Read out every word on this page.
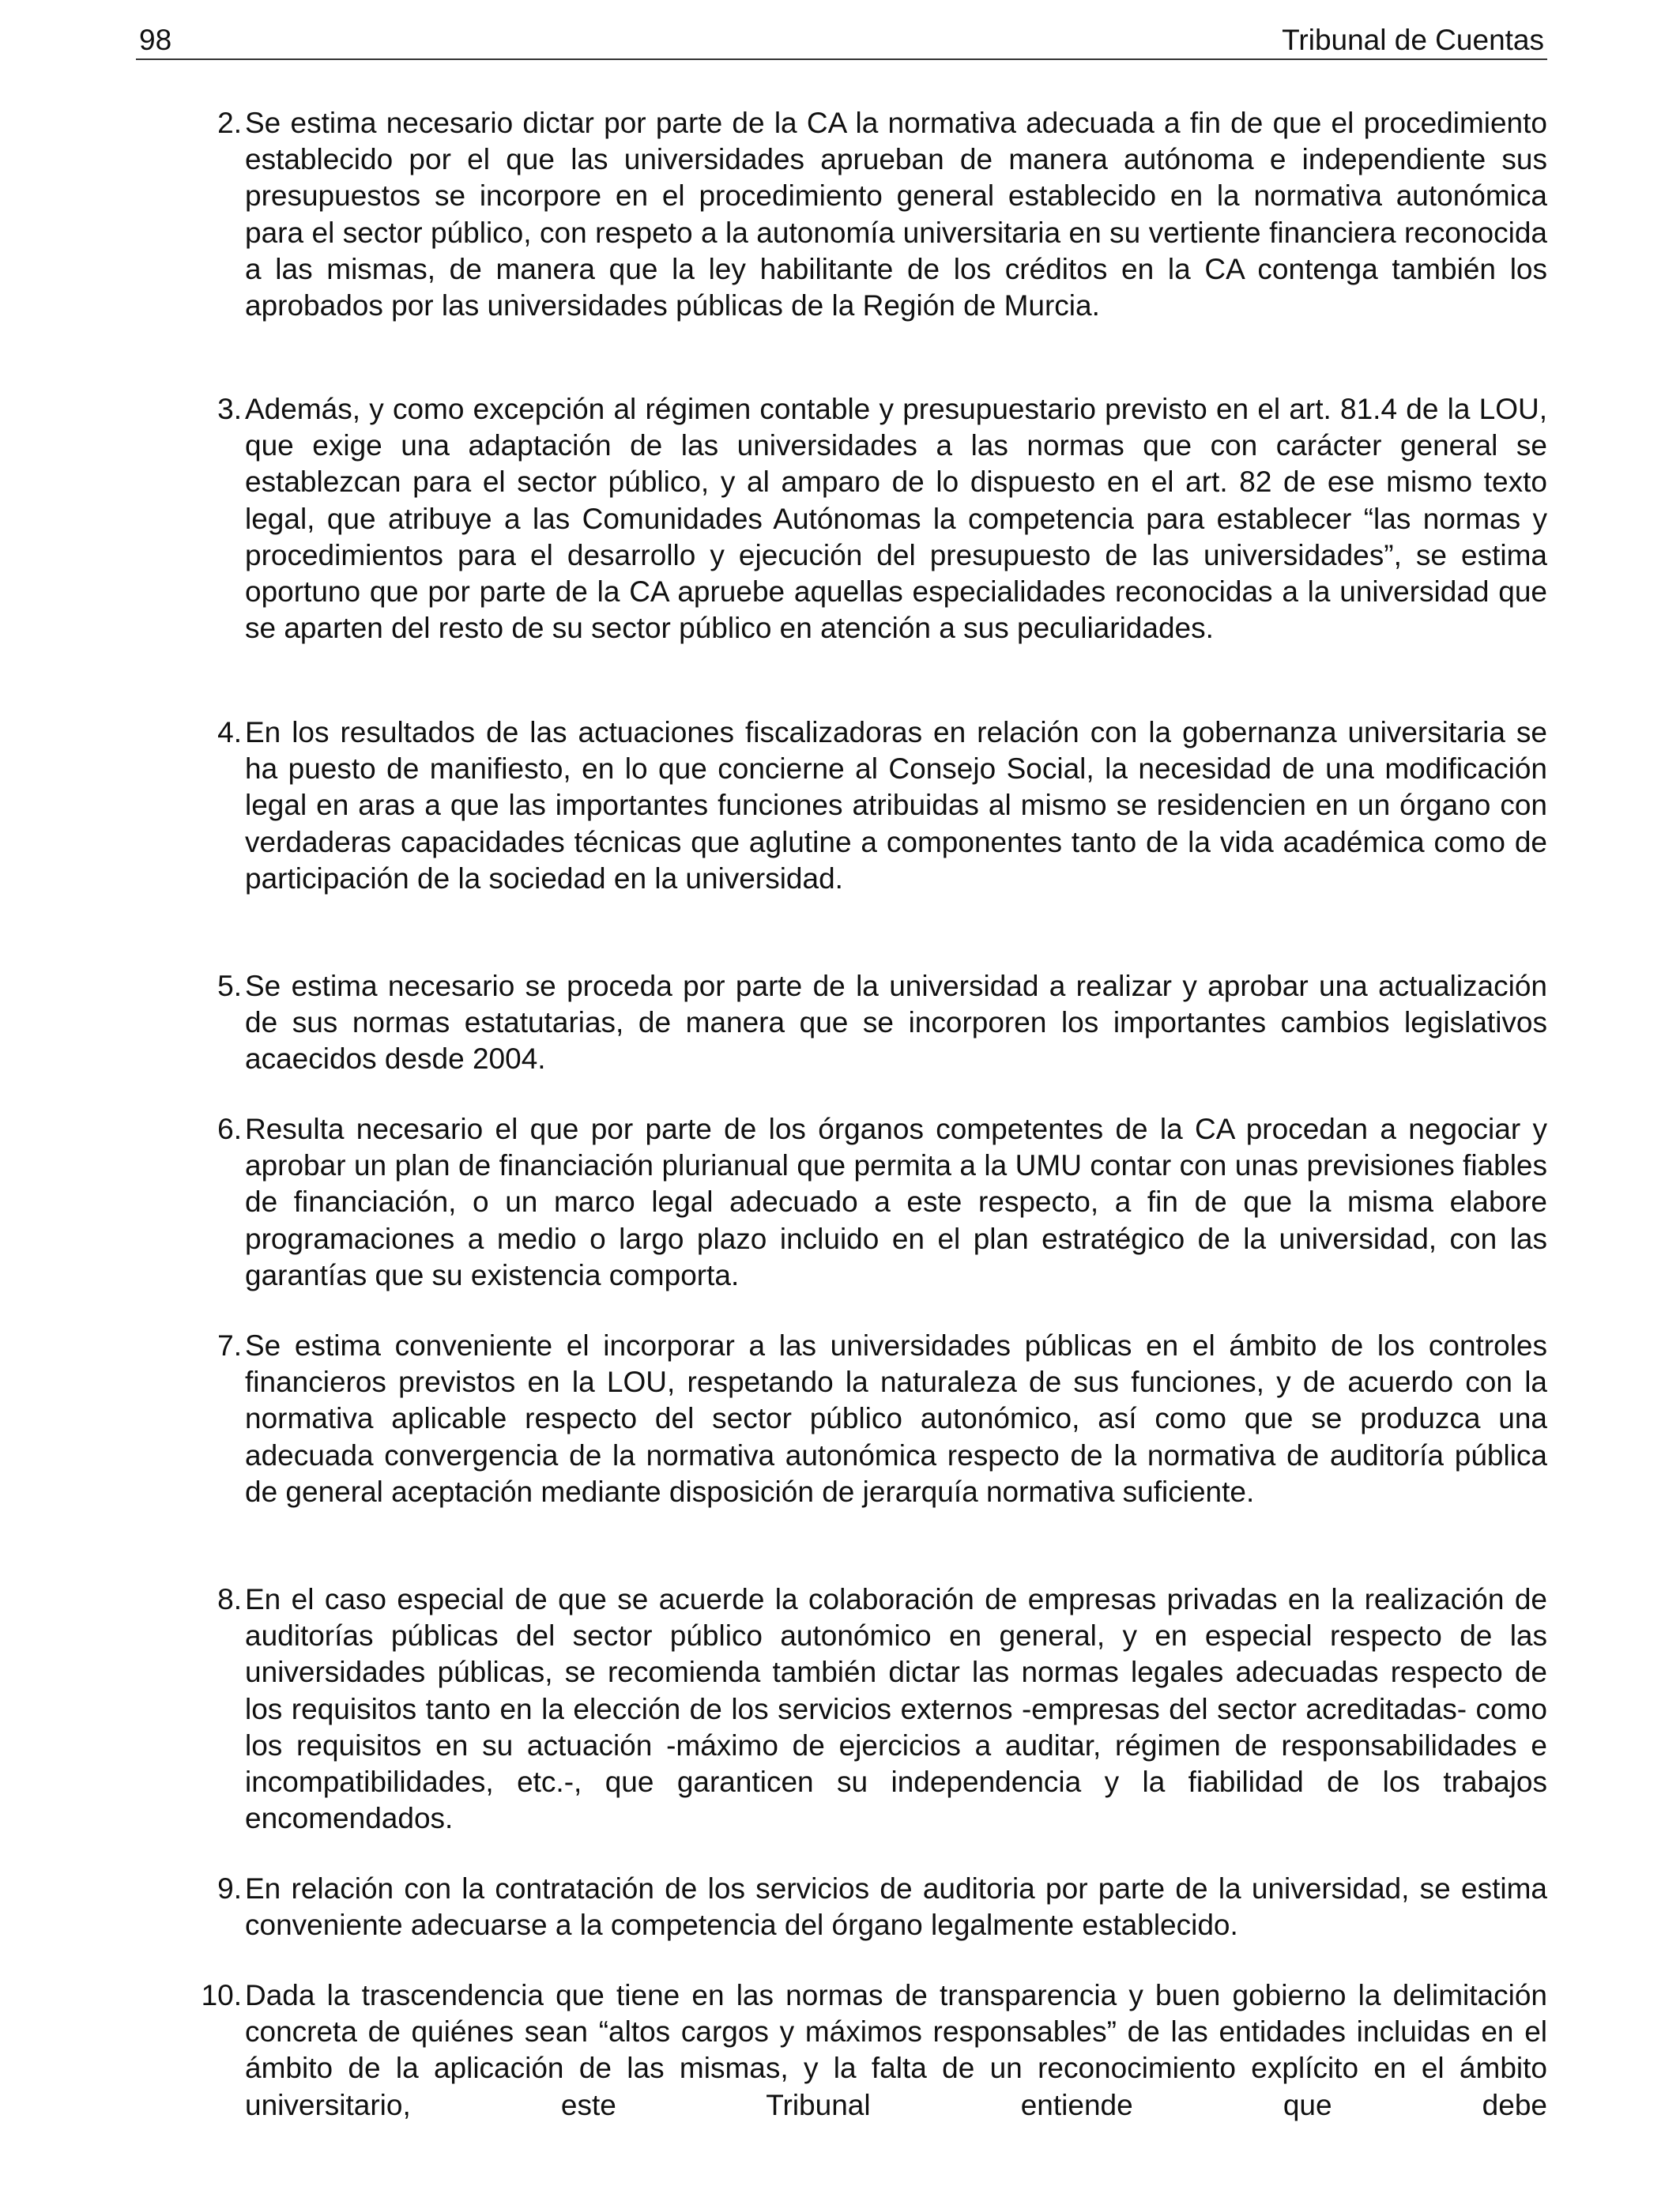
98	Tribunal de Cuentas
2. Se estima necesario dictar por parte de la CA la normativa adecuada a fin de que el procedimiento establecido por el que las universidades aprueban de manera autónoma e independiente sus presupuestos se incorpore en el procedimiento general establecido en la normativa autonómica para el sector público, con respeto a la autonomía universitaria en su vertiente financiera reconocida a las mismas, de manera que la ley habilitante de los créditos en la CA contenga también los aprobados por las universidades públicas de la Región de Murcia.
3. Además, y como excepción al régimen contable y presupuestario previsto en el art. 81.4 de la LOU, que exige una adaptación de las universidades a las normas que con carácter general se establezcan para el sector público, y al amparo de lo dispuesto en el art. 82 de ese mismo texto legal, que atribuye a las Comunidades Autónomas la competencia para establecer “las normas y procedimientos para el desarrollo y ejecución del presupuesto de las universidades”, se estima oportuno que por parte de la CA apruebe aquellas especialidades reconocidas a la universidad que se aparten del resto de su sector público en atención a sus peculiaridades.
4. En los resultados de las actuaciones fiscalizadoras en relación con la gobernanza universitaria se ha puesto de manifiesto, en lo que concierne al Consejo Social, la necesidad de una modificación legal en aras a que las importantes funciones atribuidas al mismo se residencien en un órgano con verdaderas capacidades técnicas que aglutine a componentes tanto de la vida académica como de participación de la sociedad en la universidad.
5. Se estima necesario se proceda por parte de la universidad a realizar y aprobar una actualización de sus normas estatutarias, de manera que se incorporen los importantes cambios legislativos acaecidos desde 2004.
6. Resulta necesario el que por parte de los órganos competentes de la CA procedan a negociar y aprobar un plan de financiación plurianual que permita a la UMU contar con unas previsiones fiables de financiación, o un marco legal adecuado a este respecto, a fin de que la misma elabore programaciones a medio o largo plazo incluido en el plan estratégico de la universidad, con las garantías que su existencia comporta.
7. Se estima conveniente el incorporar a las universidades públicas en el ámbito de los controles financieros previstos en la LOU, respetando la naturaleza de sus funciones, y de acuerdo con la normativa aplicable respecto del sector público autonómico, así como que se produzca una adecuada convergencia de la normativa autonómica respecto de la normativa de auditoría pública de general aceptación mediante disposición de jerarquía normativa suficiente.
8. En el caso especial de que se acuerde la colaboración de empresas privadas en la realización de auditorías públicas del sector público autonómico en general, y en especial respecto de las universidades públicas, se recomienda también dictar las normas legales adecuadas respecto de los requisitos tanto en la elección de los servicios externos -empresas del sector acreditadas- como los requisitos en su actuación -máximo de ejercicios a auditar, régimen de responsabilidades e incompatibilidades, etc.-, que garanticen su independencia y la fiabilidad de los trabajos encomendados.
9. En relación con la contratación de los servicios de auditoria por parte de la universidad, se estima conveniente adecuarse a la competencia del órgano legalmente establecido.
10. Dada la trascendencia que tiene en las normas de transparencia y buen gobierno la delimitación concreta de quiénes sean “altos cargos y máximos responsables” de las entidades incluidas en el ámbito de la aplicación de las mismas, y la falta de un reconocimiento explícito en el ámbito universitario, este Tribunal entiende que debe
